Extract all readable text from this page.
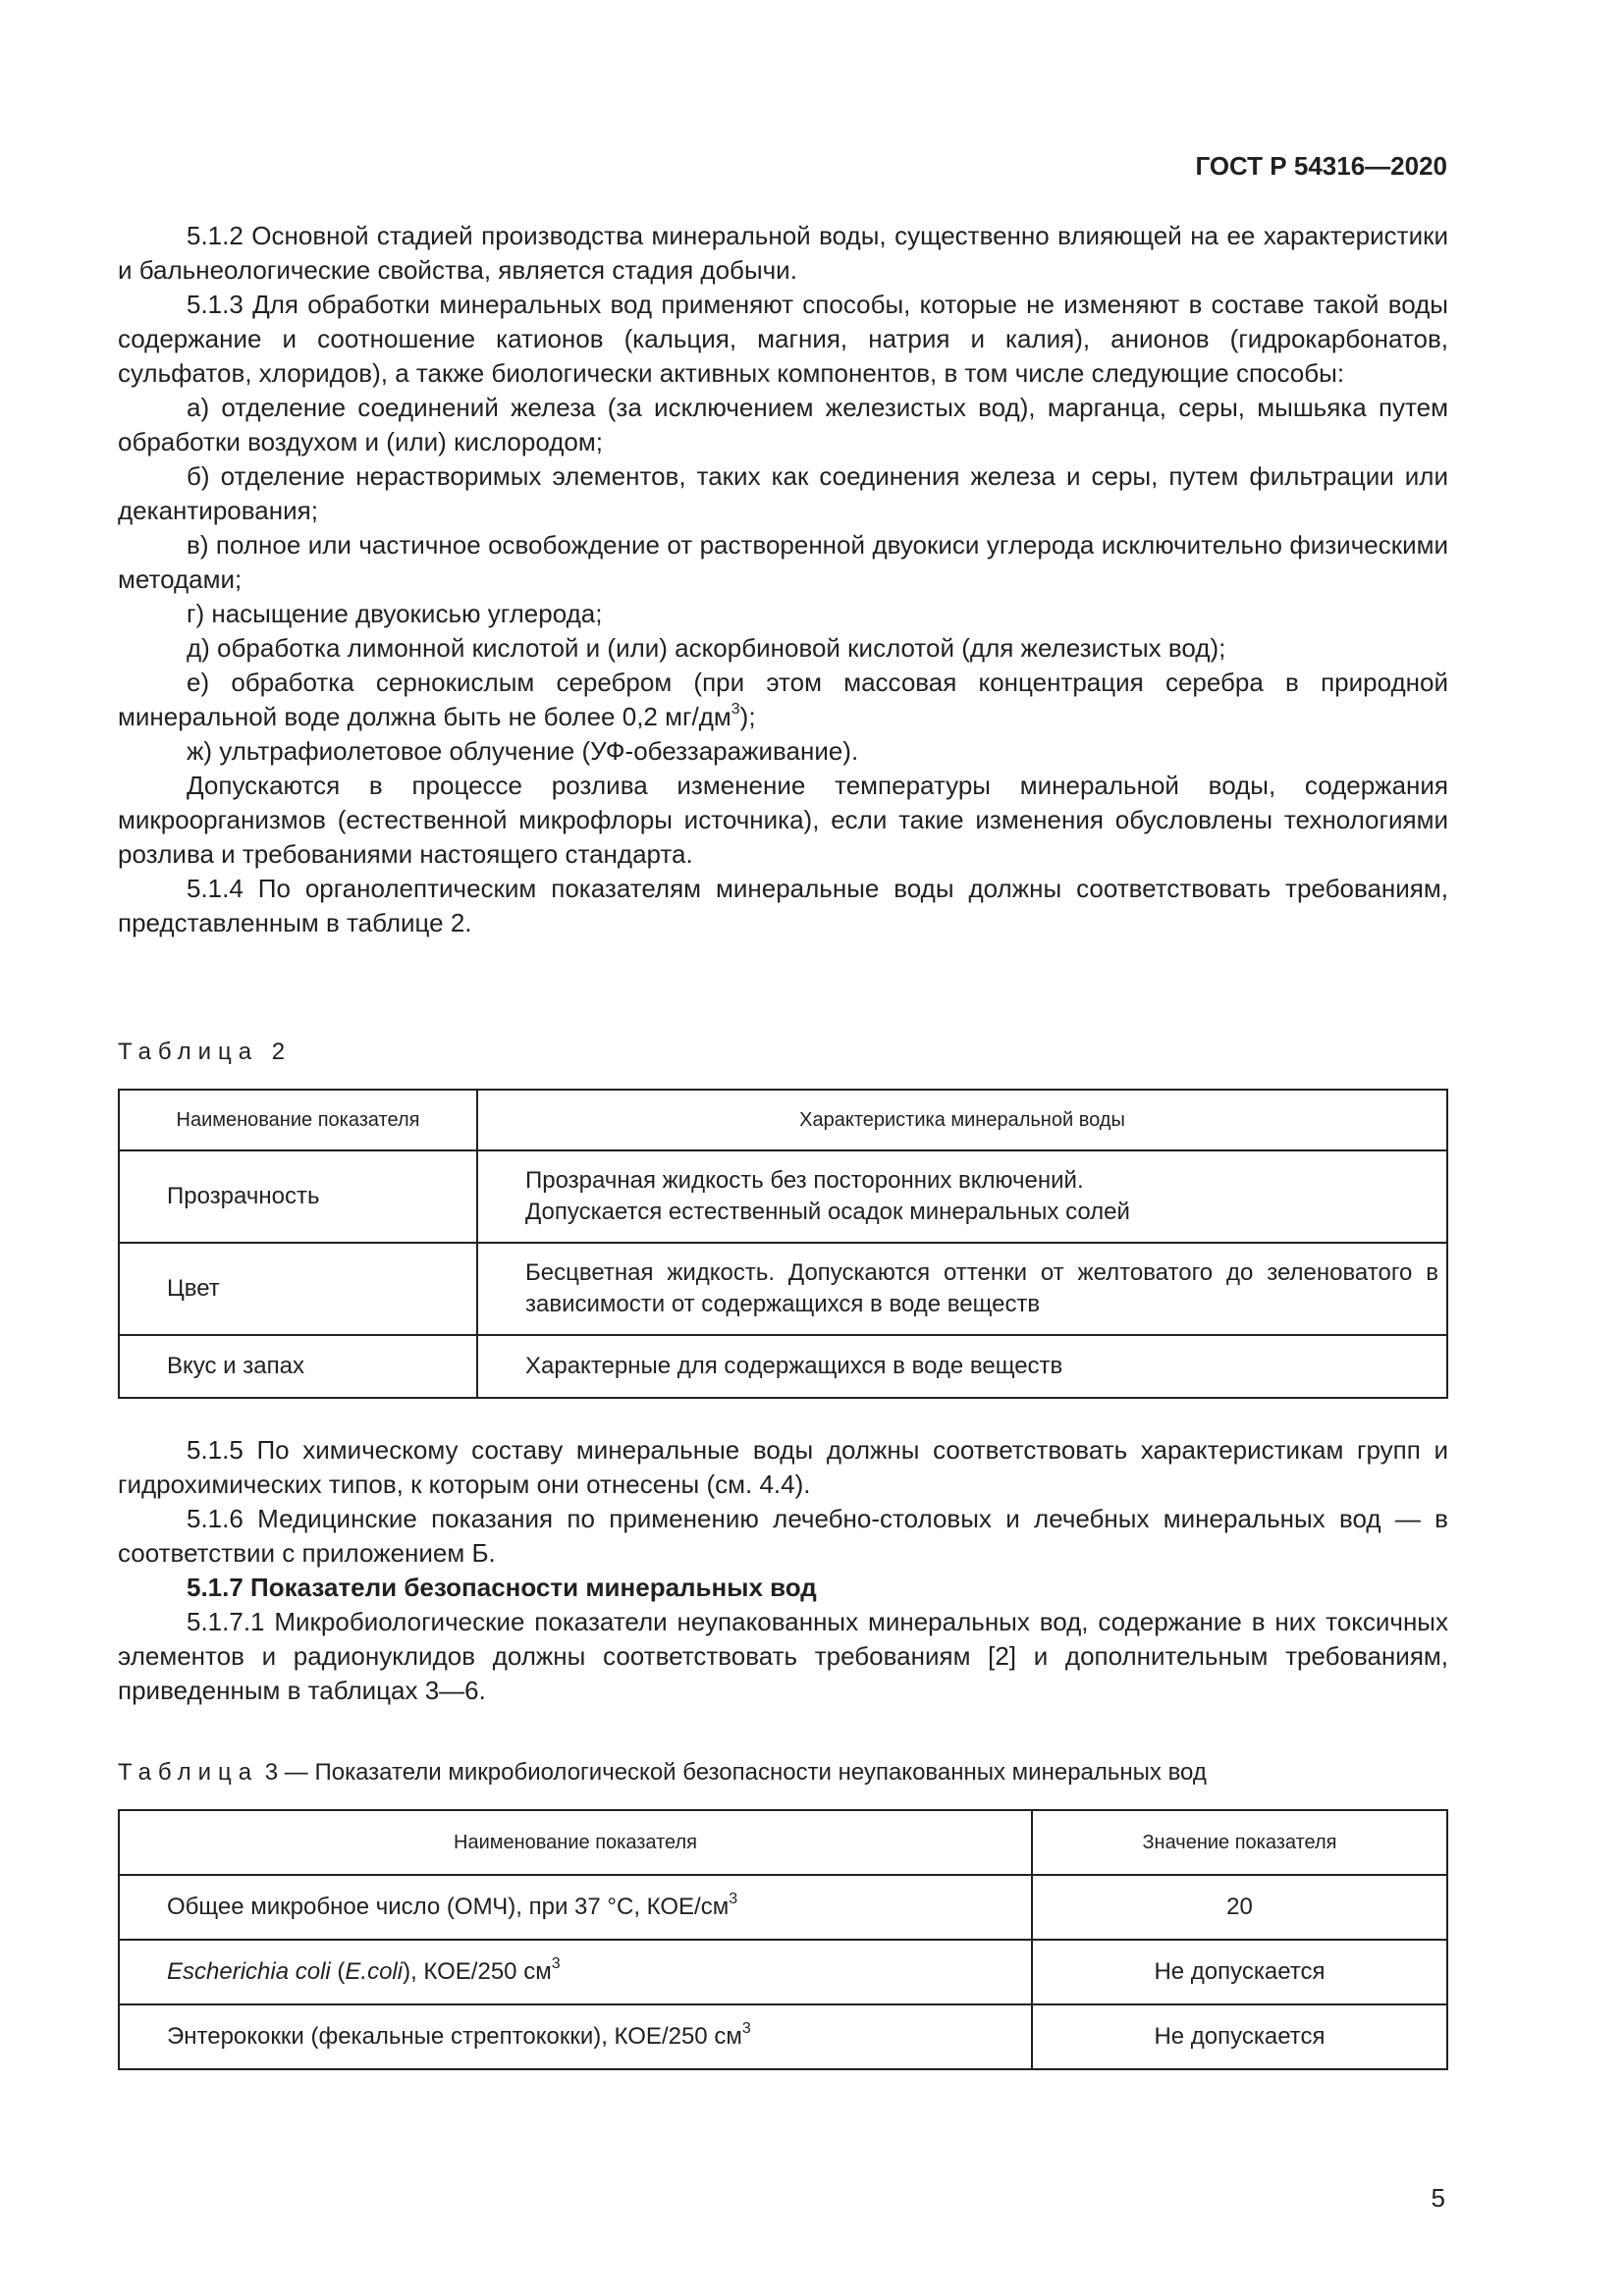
ГОСТ Р 54316—2020

5.1.2 Основной стадией производства минеральной воды, существенно влияющей на ее характеристики и бальнеологические свойства, является стадия добычи.

5.1.3 Для обработки минеральных вод применяют способы, которые не изменяют в составе такой воды содержание и соотношение катионов (кальция, магния, натрия и калия), анионов (гидрокарбонатов, сульфатов, хлоридов), а также биологически активных компонентов, в том числе следующие способы:

а) отделение соединений железа (за исключением железистых вод), марганца, серы, мышьяка путем обработки воздухом и (или) кислородом;

б) отделение нерастворимых элементов, таких как соединения железа и серы, путем фильтрации или декантирования;

в) полное или частичное освобождение от растворенной двуокиси углерода исключительно физическими методами;

г) насыщение двуокисью углерода;

д) обработка лимонной кислотой и (или) аскорбиновой кислотой (для железистых вод);

е) обработка сернокислым серебром (при этом массовая концентрация серебра в природной минеральной воде должна быть не более 0,2 $мг/дм^3$);

ж) ультрафиолетовое облучение (УФ-обеззараживание).

Допускаются в процессе розлива изменение температуры минеральной воды, содержания микроорганизмов (естественной микрофлоры источника), если такие изменения обусловлены технологиями розлива и требованиями настоящего стандарта.

5.1.4 По органолептическим показателям минеральные воды должны соответствовать требованиям, представленным в таблице 2.

Таблица 2
Наименование показателя	Характеристика минеральной воды
Прозрачность	Прозрачная жидкость без посторонних включений.
Допускается естественный осадок минеральных солей

Цвет	Бесцветная жидкость. Допускаются оттенки от желтоватого до зеленоватого в зависимости от содержащихся в воде веществ
Вкус и запах	Характерные для содержащихся в воде веществ

5.1.5 По химическому составу минеральные воды должны соответствовать характеристикам групп и гидрохимических типов, к которым они отнесены (см. 4.4).

5.1.6 Медицинские показания по применению лечебно-столовых и лечебных минеральных вод — в соответствии с приложением Б.

5.1.7 Показатели безопасности минеральных вод

5.1.7.1 Микробиологические показатели неупакованных минеральных вод, содержание в них токсичных элементов и радионуклидов должны соответствовать требованиям [2] и дополнительным требованиям, приведенным в таблицах 3—6.

Таблица 3 — Показатели микробиологической безопасности неупакованных минеральных вод
Наименование показателя	Значение показателя
Общее микробное число (ОМЧ), при 37 °C, КОЕ/$см^3$	20
Escherichia coli (E.coli), КОЕ/250 $см^3$	Не допускается
Энтерококки (фекальные стрептококки), КОЕ/250 $см^3$	Не допускается
5
